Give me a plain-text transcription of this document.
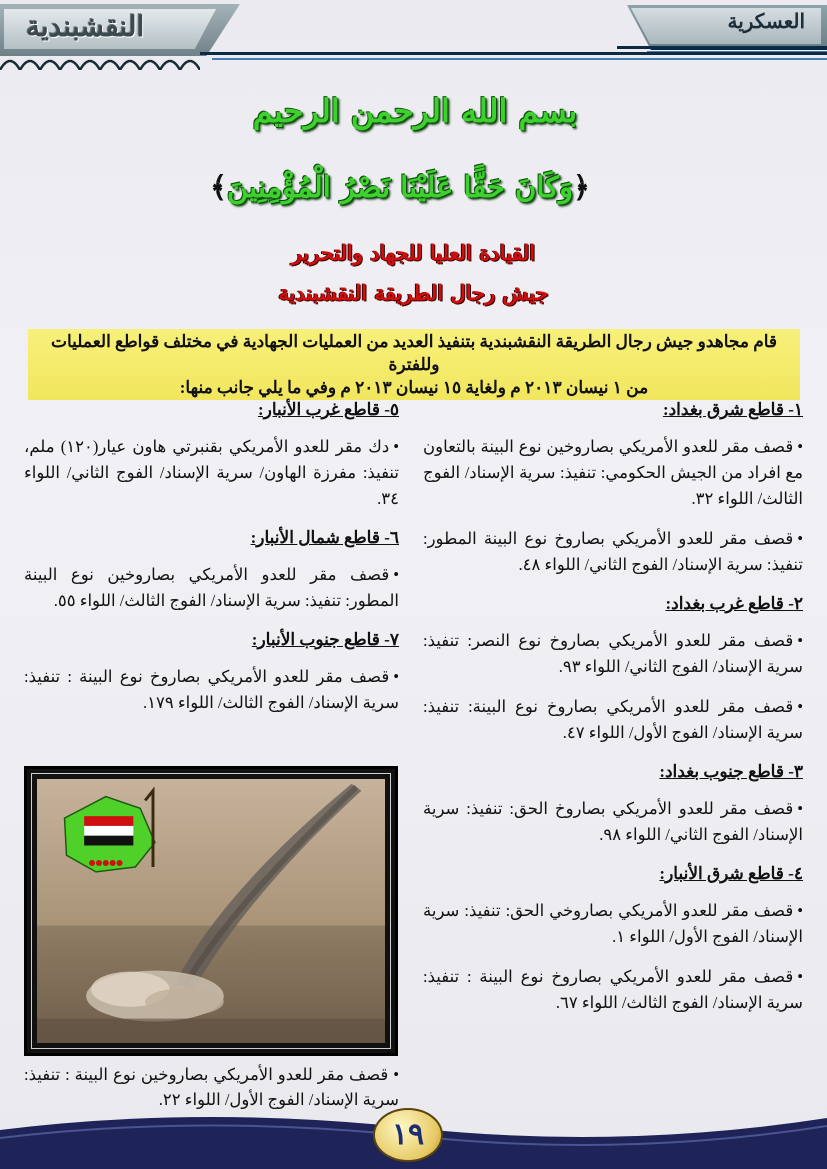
العسكرية
النقشبندية
بسم الله الرحمن الرحيم
﴿وَكَانَ حَقًّا عَلَيْنَا نَصْرُ الْمُؤْمِنِينَ﴾
القيادة العليا للجهاد والتحرير
جيش رجال الطريقة النقشبندية
قام مجاهدو جيش رجال الطريقة النقشبندية بتنفيذ العديد من العمليات الجهادية في مختلف قواطع العمليات وللفترة
من ١ نيسان ٢٠١٣ م ولغاية ١٥ نيسان ٢٠١٣ م وفي ما يلي جانب منها:
١- قاطع شرق بغداد:
•قصف مقر للعدو الأمريكي بصاروخين نوع البينة بالتعاون مع افراد من الجيش الحكومي: تنفيذ: سرية الإسناد/ الفوج الثالث/ اللواء ٣٢.
•قصف مقر للعدو الأمريكي بصاروخ نوع البينة المطور: تنفيذ: سرية الإسناد/ الفوج الثاني/ اللواء ٤٨.
٢- قاطع غرب بغداد:
•قصف مقر للعدو الأمريكي بصاروخ نوع النصر: تنفيذ: سرية الإسناد/ الفوج الثاني/ اللواء ٩٣.
•قصف مقر للعدو الأمريكي بصاروخ نوع البينة: تنفيذ: سرية الإسناد/ الفوج الأول/ اللواء ٤٧.
٣- قاطع جنوب بغداد:
•قصف مقر للعدو الأمريكي بصاروخ الحق: تنفيذ: سرية الإسناد/ الفوج الثاني/ اللواء ٩٨.
٤- قاطع شرق الأنبار:
•قصف مقر للعدو الأمريكي بصاروخي الحق: تنفيذ: سرية الإسناد/ الفوج الأول/ اللواء ١.
•قصف مقر للعدو الأمريكي بصاروخ نوع البينة : تنفيذ: سرية الإسناد/ الفوج الثالث/ اللواء ٦٧.
٥- قاطع غرب الأنبار:
•دك مقر للعدو الأمريكي بقنبرتي هاون عيار(١٢٠) ملم، تنفيذ: مفرزة الهاون/ سرية الإسناد/ الفوج الثاني/ اللواء ٣٤.
٦- قاطع شمال الأنبار:
•قصف مقر للعدو الأمريكي بصاروخين نوع البينة المطور: تنفيذ: سرية الإسناد/ الفوج الثالث/ اللواء ٥٥.
٧- قاطع جنوب الأنبار:
•قصف مقر للعدو الأمريكي بصاروخ نوع البينة : تنفيذ: سرية الإسناد/ الفوج الثالث/ اللواء ١٧٩.
●●●●●
• قصف مقر للعدو الأمريكي بصاروخين نوع البينة : تنفيذ: سرية الإسناد/ الفوج الأول/ اللواء ٢٢.
١٩
